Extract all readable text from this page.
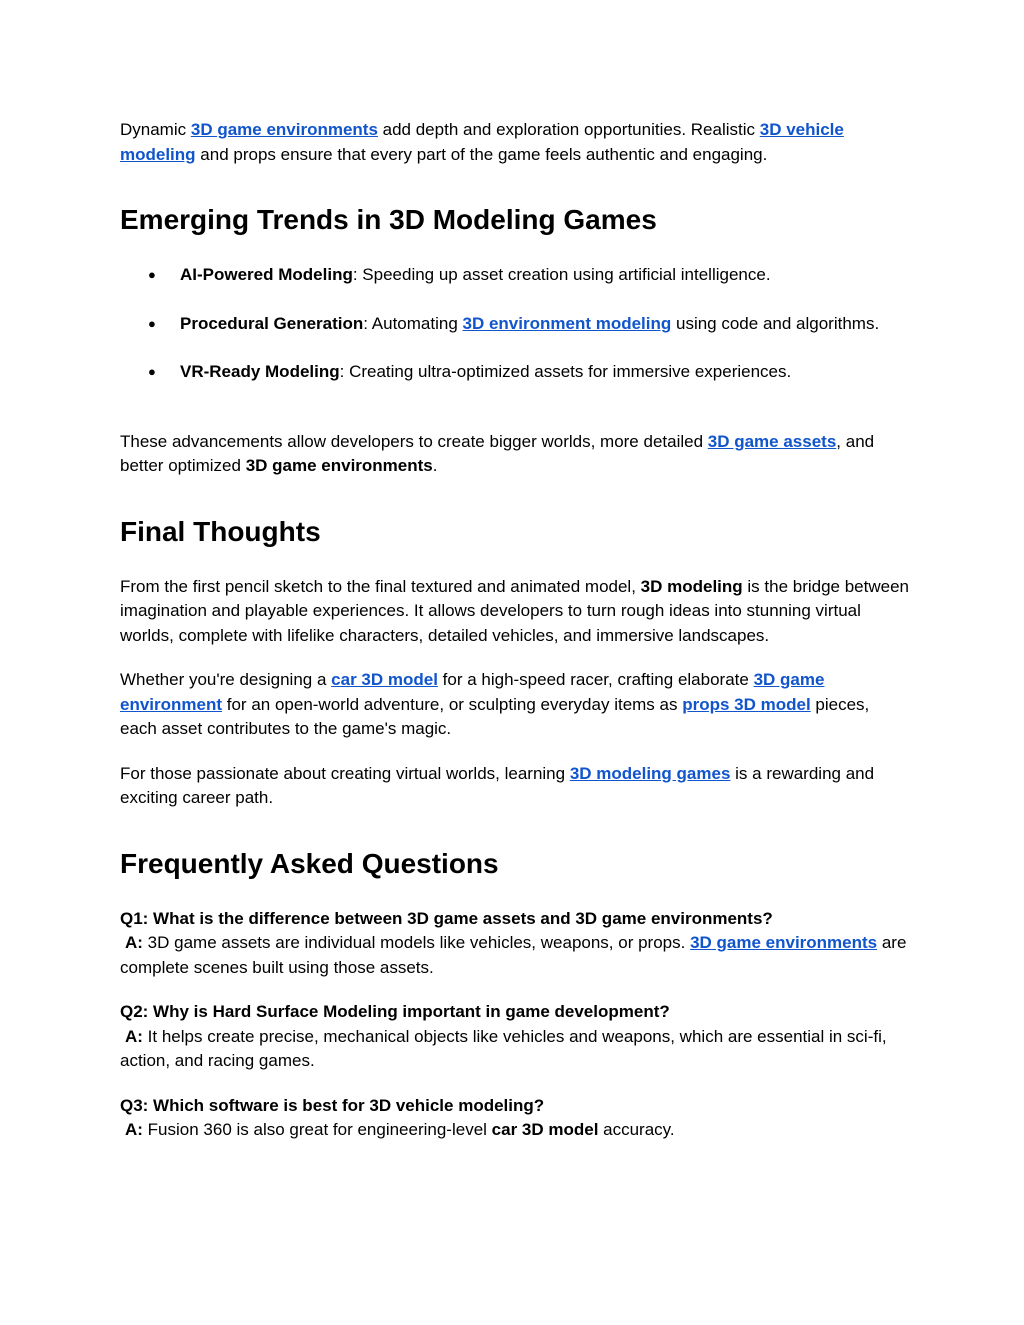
Dynamic 3D game environments add depth and exploration opportunities. Realistic 3D vehicle modeling and props ensure that every part of the game feels authentic and engaging.

Emerging Trends in 3D Modeling Games
● AI-Powered Modeling: Speeding up asset creation using artificial intelligence.
● Procedural Generation: Automating 3D environment modeling using code and algorithms.
● VR-Ready Modeling: Creating ultra-optimized assets for immersive experiences.

These advancements allow developers to create bigger worlds, more detailed 3D game assets, and better optimized 3D game environments.

Final Thoughts

From the first pencil sketch to the final textured and animated model, 3D modeling is the bridge between imagination and playable experiences. It allows developers to turn rough ideas into stunning virtual worlds, complete with lifelike characters, detailed vehicles, and immersive landscapes.

Whether you're designing a car 3D model for a high-speed racer, crafting elaborate 3D game environment for an open-world adventure, or sculpting everyday items as props 3D model pieces, each asset contributes to the game's magic.

For those passionate about creating virtual worlds, learning 3D modeling games is a rewarding and exciting career path.

Frequently Asked Questions

Q1: What is the difference between 3D game assets and 3D game environments?
A: 3D game assets are individual models like vehicles, weapons, or props. 3D game environments are complete scenes built using those assets.

Q2: Why is Hard Surface Modeling important in game development?
A: It helps create precise, mechanical objects like vehicles and weapons, which are essential in sci-fi, action, and racing games.

Q3: Which software is best for 3D vehicle modeling?
A: Fusion 360 is also great for engineering-level car 3D model accuracy.
